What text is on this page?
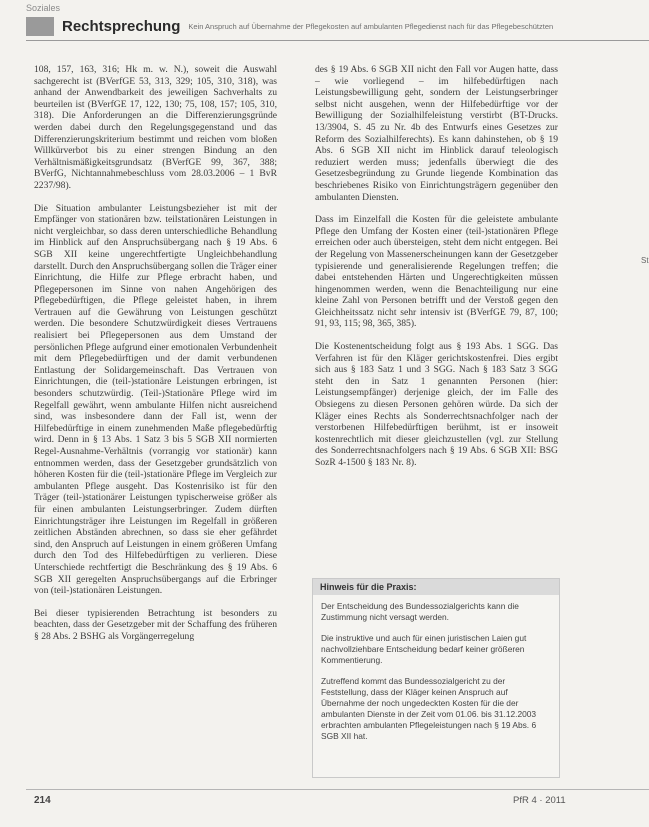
Soziales
Rechtsprechung Kein Anspruch auf Übernahme der Pflegekosten auf ambulanten Pflegedienst nach für das Pflegebeschützten

108, 157, 163, 316; Hk m. w. N.), soweit die Auswahl sachgerecht ist (BVerfGE 53, 313, 329; 105, 310, 318), was anhand der Anwendbarkeit des jeweiligen Sachverhalts zu beurteilen ist (BVerfGE 17, 122, 130; 75, 108, 157; 105, 310, 318). Die Anforderungen an die Differenzierungsgründe werden dabei durch den Regelungsgegenstand und das Differenzierungskriterium bestimmt und reichen vom bloßen Willkürverbot bis zu einer strengen Bindung an den Verhältnismäßigkeitsgrundsatz (BVerfGE 99, 367, 388; BVerfG, Nichtannahmebeschluss vom 28.03.2006 – 1 BvR 2237/98).

Die Situation ambulanter Leistungsbezieher ist mit der Empfänger von stationären bzw. teilstationären Leistungen in nicht vergleichbar, so dass deren unterschiedliche Behandlung im Hinblick auf den Anspruchsübergang nach § 19 Abs. 6 SGB XII keine ungerechtfertigte Ungleichbehandlung darstellt. Durch den Anspruchsübergang sollen die Träger einer Einrichtung, die Hilfe zur Pflege erbracht haben, und Pflegepersonen im Sinne von nahen Angehörigen des Pflegebedürftigen, die Pflege geleistet haben, in ihrem Vertrauen auf die Gewährung von Leistungen geschützt werden. Die besondere Schutzwürdigkeit dieses Vertrauens realisiert bei Pflegepersonen aus dem Umstand der persönlichen Pflege aufgrund einer emotionalen Verbundenheit mit dem Pflegebedürftigen und der damit verbundenen Entlastung der Solidargemeinschaft. Das Vertrauen von Einrichtungen, die (teil-)stationäre Leistungen erbringen, ist besonders schutzwürdig. (Teil-)Stationäre Pflege wird im Regelfall gewährt, wenn ambulante Hilfen nicht ausreichend sind, was insbesondere dann der Fall ist, wenn der Hilfebedürftige in einem zunehmenden Maße pflegebedürftig wird. Denn in § 13 Abs. 1 Satz 3 bis 5 SGB XII normierten Regel-Ausnahme-Verhältnis (vorrangig vor stationär) kann entnommen werden, dass der Gesetzgeber grundsätzlich von höheren Kosten für die (teil-)stationäre Pflege im Vergleich zur ambulanten Pflege ausgeht. Das Kostenrisiko ist für den Träger (teil-)stationärer Leistungen typischerweise größer als für einen ambulanten Leistungserbringer. Zudem dürften Einrichtungsträger ihre Leistungen im Regelfall in größeren zeitlichen Abständen abrechnen, so dass sie eher gefährdet sind, den Anspruch auf Leistungen in einem größeren Umfang durch den Tod des Hilfebedürftigen zu verlieren. Diese Unterschiede rechtfertigt die Beschränkung des § 19 Abs. 6 SGB XII geregelten Anspruchsübergangs auf die Erbringer von (teil-)stationären Leistungen.

Bei dieser typisierenden Betrachtung ist besonders zu beachten, dass der Gesetzgeber mit der Schaffung des früheren § 28 Abs. 2 BSHG als Vorgängerregelung

des § 19 Abs. 6 SGB XII nicht den Fall vor Augen hatte, dass – wie vorliegend – im hilfebedürftigen nach Leistungsbewilligung geht, sondern der Leistungserbringer selbst nicht ausgehen, wenn der Hilfebedürftige vor der Bewilligung der Sozialhilfeleistung verstirbt (BT-Drucks. 13/3904, S. 45 zu Nr. 4b des Entwurfs eines Gesetzes zur Reform des Sozialhilferechts). Es kann dahinstehen, ob § 19 Abs. 6 SGB XII nicht im Hinblick darauf teleologisch reduziert werden muss; jedenfalls überwiegt die des Gesetzesbegründung zu Grunde liegende Kombination das beschriebenes Risiko von Einrichtungsträgern gegenüber den ambulanten Diensten.

Dass im Einzelfall die Kosten für die geleistete ambulante Pflege den Umfang der Kosten einer (teil-)stationären Pflege erreichen oder auch übersteigen, steht dem nicht entgegen. Bei der Regelung von Massenerscheinungen kann der Gesetzgeber typisierende und generalisierende Regelungen treffen; die dabei entstehenden Härten und Ungerechtigkeiten müssen hingenommen werden, wenn die Benachteiligung nur eine kleine Zahl von Personen betrifft und der Verstoß gegen den Gleichheitssatz nicht sehr intensiv ist (BVerfGE 79, 87, 100; 91, 93, 115; 98, 365, 385).

Die Kostenentscheidung folgt aus § 193 Abs. 1 SGG. Das Verfahren ist für den Kläger gerichtskostenfrei. Dies ergibt sich aus § 183 Satz 1 und 3 SGG. Nach § 183 Satz 3 SGG steht den in Satz 1 genannten Personen (hier: Leistungsempfänger) derjenige gleich, der im Falle des Obsiegens zu diesen Personen gehören würde. Da sich der Kläger eines Rechts als Sonderrechtsnachfolger nach der verstorbenen Hilfebedürftigen berühmt, ist er insoweit kostenrechtlich mit dieser gleichzustellen (vgl. zur Stellung des Sonderrechtsnachfolgers nach § 19 Abs. 6 SGB XII: BSG SozR 4-1500 § 183 Nr. 8).

Hinweis für die Praxis:

Der Entscheidung des Bundessozialgerichts kann die Zustimmung nicht versagt werden.

Die instruktive und auch für einen juristischen Laien gut nachvollziehbare Entscheidung bedarf keiner größeren Kommentierung.

Zutreffend kommt das Bundessozialgericht zu der Feststellung, dass der Kläger keinen Anspruch auf Übernahme der noch ungedeckten Kosten für die der ambulanten Dienste in der Zeit vom 01.06. bis 31.12.2003 erbrachten ambulanten Pflegeleistungen nach § 19 Abs. 6 SGB XII hat.

St
214	PfR 4 · 2011
